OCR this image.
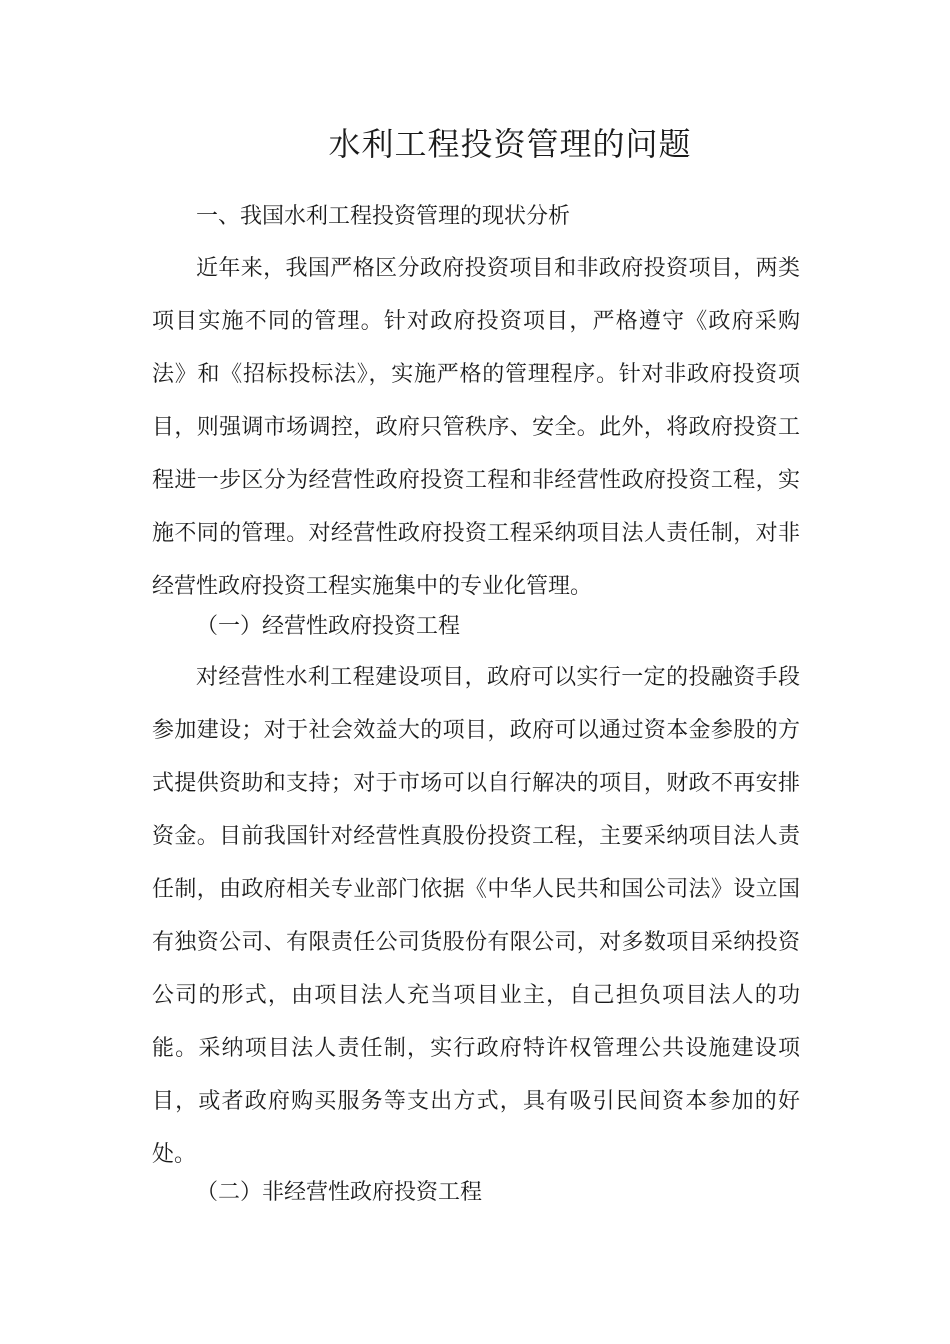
水利工程投资管理的问题
一、我国水利工程投资管理的现状分析

近年来，我国严格区分政府投资项目和非政府投资项目，两类项目实施不同的管理。针对政府投资项目，严格遵守《政府采购法》和《招标投标法》，实施严格的管理程序。针对非政府投资项目，则强调市场调控，政府只管秩序、安全。此外，将政府投资工程进一步区分为经营性政府投资工程和非经营性政府投资工程，实施不同的管理。对经营性政府投资工程采纳项目法人责任制，对非经营性政府投资工程实施集中的专业化管理。

（一）经营性政府投资工程

对经营性水利工程建设项目，政府可以实行一定的投融资手段参加建设；对于社会效益大的项目，政府可以通过资本金参股的方式提供资助和支持；对于市场可以自行解决的项目，财政不再安排资金。目前我国针对经营性真股份投资工程，主要采纳项目法人责任制，由政府相关专业部门依据《中华人民共和国公司法》设立国有独资公司、有限责任公司货股份有限公司，对多数项目采纳投资公司的形式，由项目法人充当项目业主，自己担负项目法人的功能。采纳项目法人责任制，实行政府特许权管理公共设施建设项目，或者政府购买服务等支出方式，具有吸引民间资本参加的好处。

（二）非经营性政府投资工程
